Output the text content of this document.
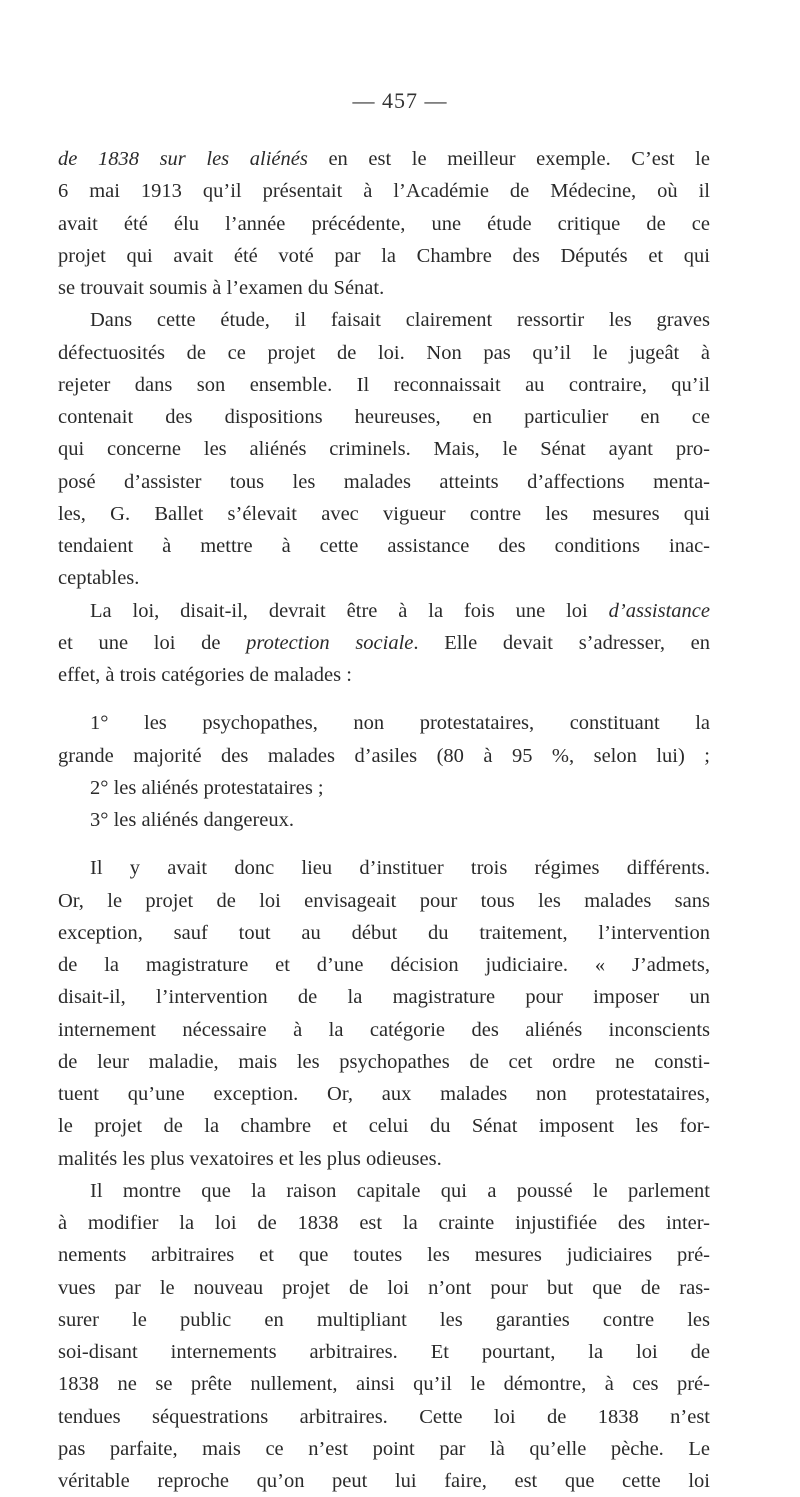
— 457 —
de 1838 sur les aliénés en est le meilleur exemple. C’est le
6 mai 1913 qu’il présentait à l’Académie de Médecine, où il
avait été élu l’année précédente, une étude critique de ce
projet qui avait été voté par la Chambre des Députés et qui
se trouvait soumis à l’examen du Sénat.
Dans cette étude, il faisait clairement ressortir les graves
défectuosités de ce projet de loi. Non pas qu’il le jugeât à
rejeter dans son ensemble. Il reconnaissait au contraire, qu’il
contenait des dispositions heureuses, en particulier en ce
qui concerne les aliénés criminels. Mais, le Sénat ayant pro-
posé d’assister tous les malades atteints d’affections menta-
les, G. Ballet s’élevait avec vigueur contre les mesures qui
tendaient à mettre à cette assistance des conditions inac-
ceptables.
La loi, disait-il, devrait être à la fois une loi d’assistance
et une loi de protection sociale. Elle devait s’adresser, en
effet, à trois catégories de malades :
1° les psychopathes, non protestataires, constituant la
grande majorité des malades d’asiles (80 à 95 %, selon lui) ;
2° les aliénés protestataires ;
3° les aliénés dangereux.
Il y avait donc lieu d’instituer trois régimes différents.
Or, le projet de loi envisageait pour tous les malades sans
exception, sauf tout au début du traitement, l’intervention
de la magistrature et d’une décision judiciaire. « J’admets,
disait-il, l’intervention de la magistrature pour imposer un
internement nécessaire à la catégorie des aliénés inconscients
de leur maladie, mais les psychopathes de cet ordre ne consti-
tuent qu’une exception. Or, aux malades non protestataires,
le projet de la chambre et celui du Sénat imposent les for-
malités les plus vexatoires et les plus odieuses.
Il montre que la raison capitale qui a poussé le parlement
à modifier la loi de 1838 est la crainte injustifiée des inter-
nements arbitraires et que toutes les mesures judiciaires pré-
vues par le nouveau projet de loi n’ont pour but que de ras-
surer le public en multipliant les garanties contre les
soi-disant internements arbitraires. Et pourtant, la loi de
1838 ne se prête nullement, ainsi qu’il le démontre, à ces pré-
tendues séquestrations arbitraires. Cette loi de 1838 n’est
pas parfaite, mais ce n’est point par là qu’elle pèche. Le
véritable reproche qu’on peut lui faire, est que cette loi
